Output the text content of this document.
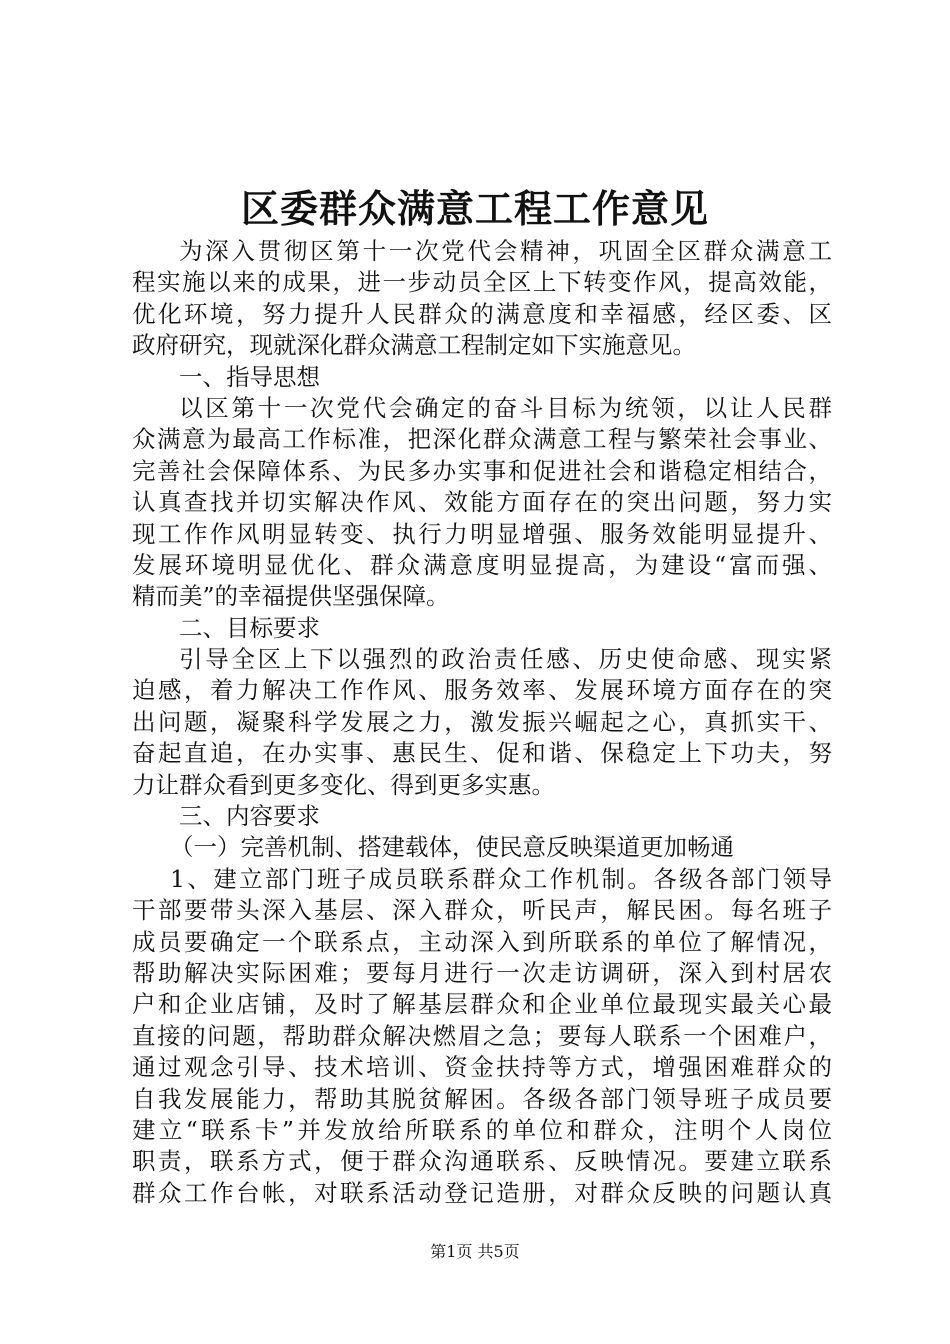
区委群众满意工程工作意见
为深入贯彻区第十一次党代会精神，巩固全区群众满意工
程实施以来的成果，进一步动员全区上下转变作风，提高效能，
优化环境，努力提升人民群众的满意度和幸福感，经区委、区
政府研究，现就深化群众满意工程制定如下实施意见。
一、指导思想
以区第十一次党代会确定的奋斗目标为统领，以让人民群
众满意为最高工作标准，把深化群众满意工程与繁荣社会事业、
完善社会保障体系、为民多办实事和促进社会和谐稳定相结合，
认真查找并切实解决作风、效能方面存在的突出问题，努力实
现工作作风明显转变、执行力明显增强、服务效能明显提升、
发展环境明显优化、群众满意度明显提高，为建设“富而强、
精而美”的幸福提供坚强保障。
二、目标要求
引导全区上下以强烈的政治责任感、历史使命感、现实紧
迫感，着力解决工作作风、服务效率、发展环境方面存在的突
出问题，凝聚科学发展之力，激发振兴崛起之心，真抓实干、
奋起直追，在办实事、惠民生、促和谐、保稳定上下功夫，努
力让群众看到更多变化、得到更多实惠。
三、内容要求
（一）完善机制、搭建载体，使民意反映渠道更加畅通
1、建立部门班子成员联系群众工作机制。各级各部门领导
干部要带头深入基层、深入群众，听民声，解民困。每名班子
成员要确定一个联系点，主动深入到所联系的单位了解情况，
帮助解决实际困难；要每月进行一次走访调研，深入到村居农
户和企业店铺，及时了解基层群众和企业单位最现实最关心最
直接的问题，帮助群众解决燃眉之急；要每人联系一个困难户，
通过观念引导、技术培训、资金扶持等方式，增强困难群众的
自我发展能力，帮助其脱贫解困。各级各部门领导班子成员要
建立“联系卡”并发放给所联系的单位和群众，注明个人岗位
职责，联系方式，便于群众沟通联系、反映情况。要建立联系
群众工作台帐，对联系活动登记造册，对群众反映的问题认真
第1页 共5页
